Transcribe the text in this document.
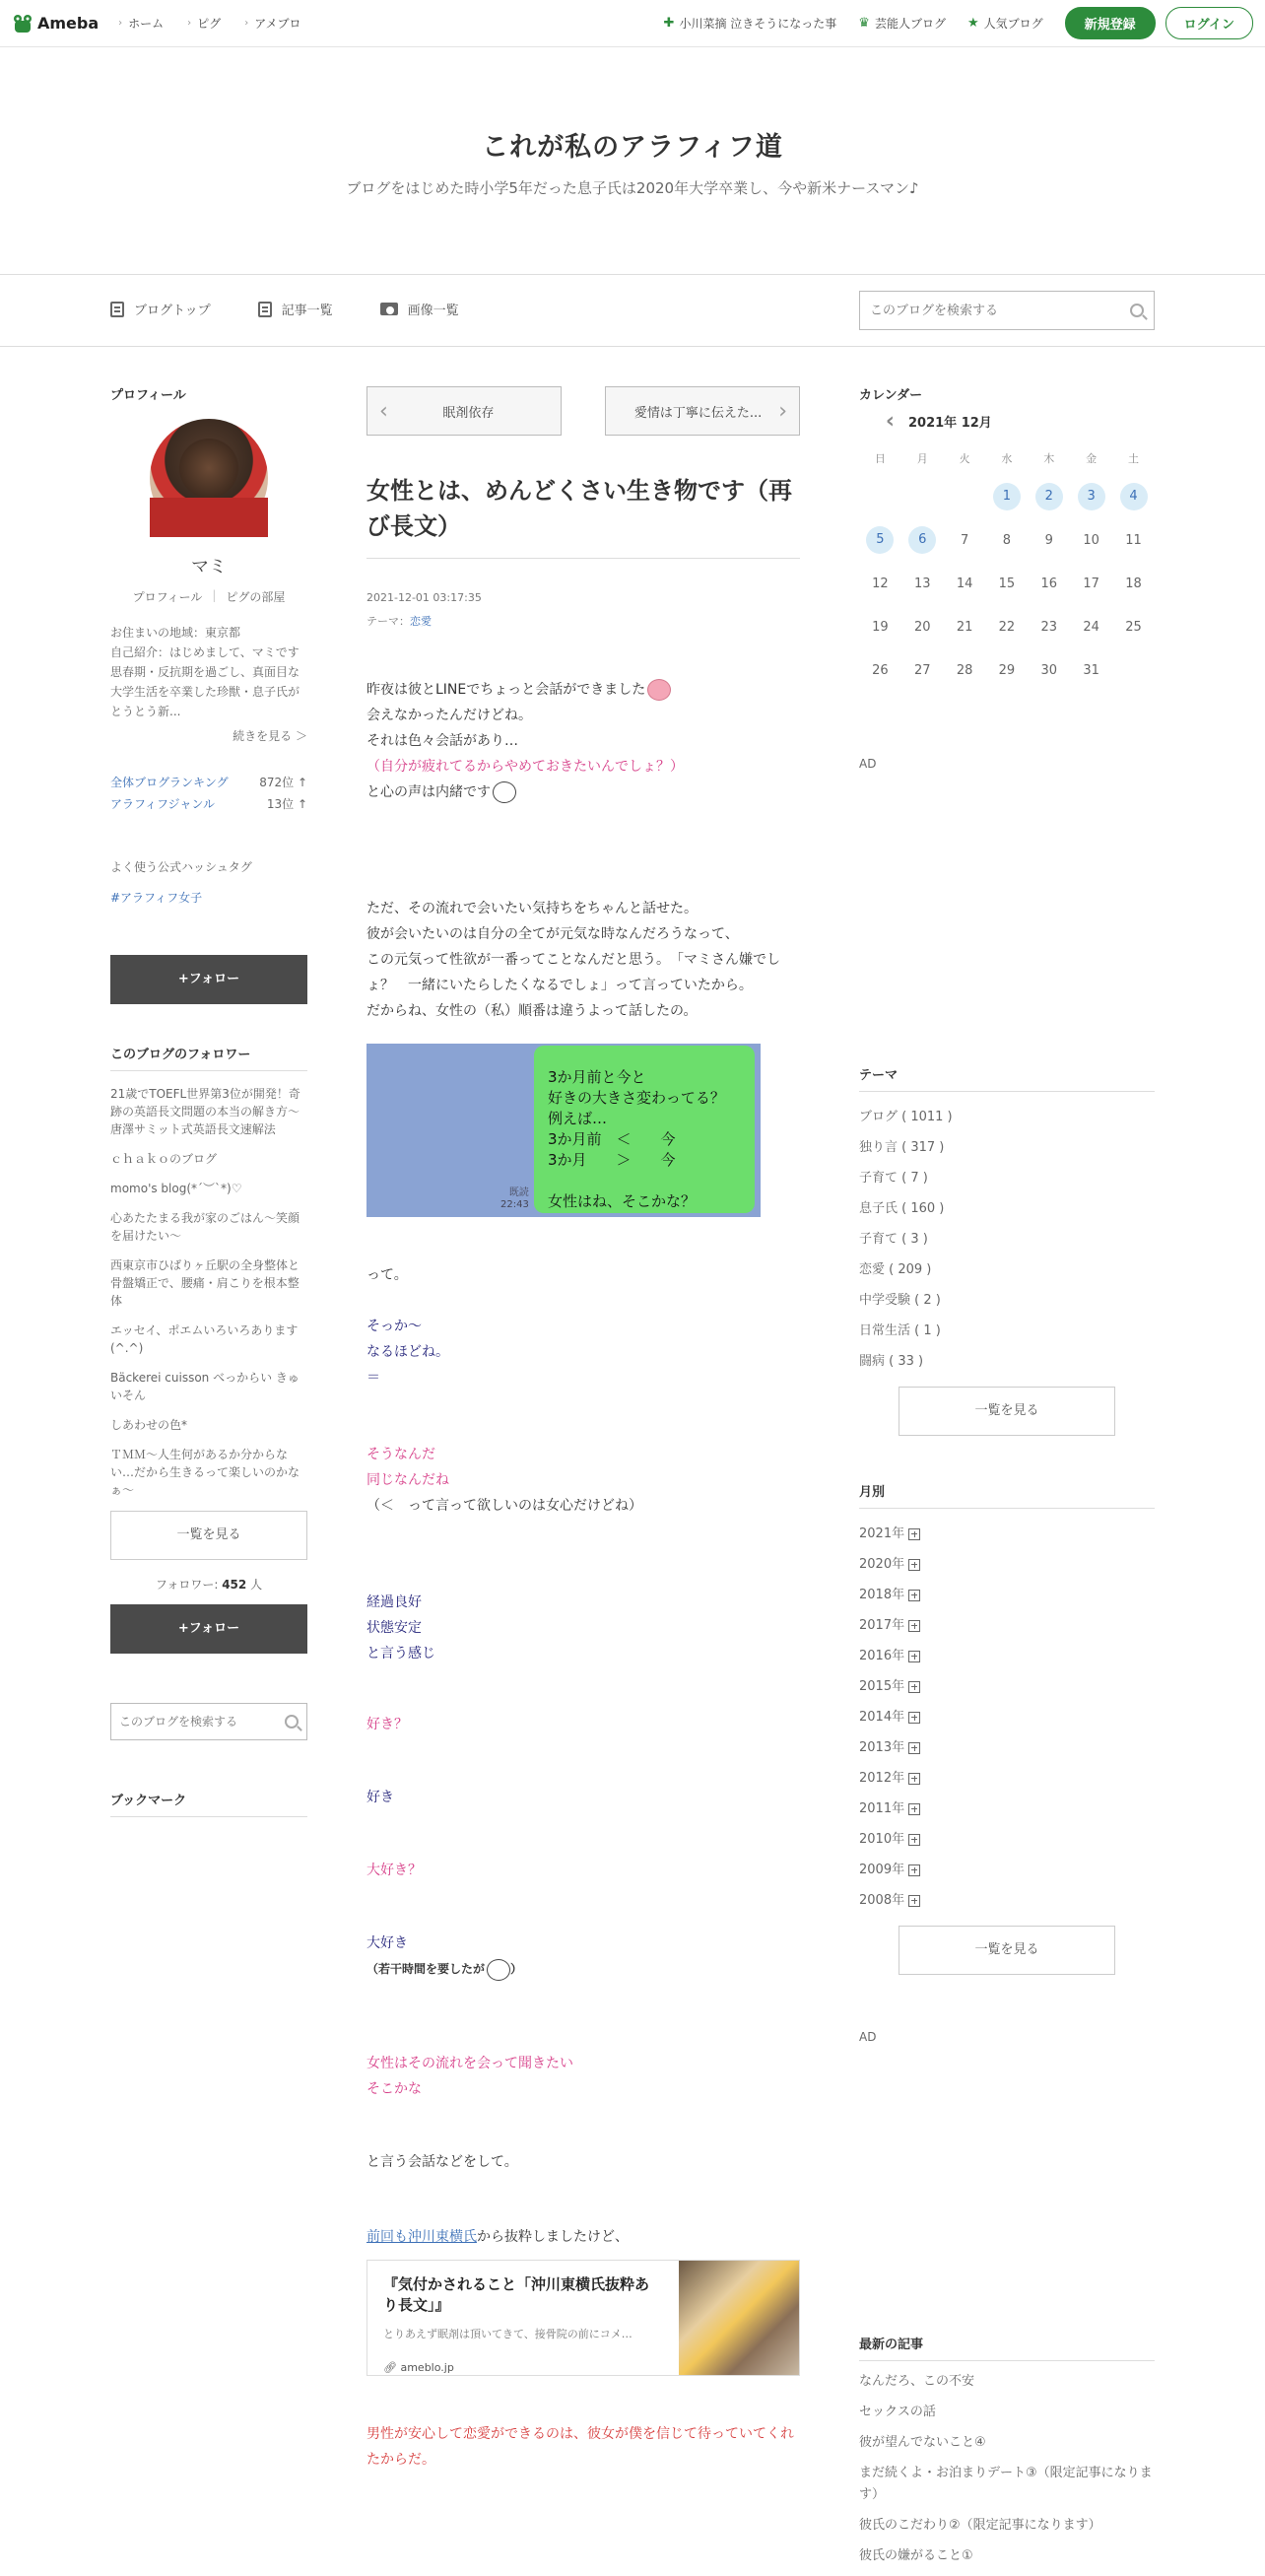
Ameba › ホーム › ピグ › アメブロ	✚ 小川菜摘 泣きそうになった事 ♛ 芸能人ブログ ★ 人気ブログ	新規登録	ログイン
これが私のアラフィフ道

ブログをはじめた時小学5年だった息子氏は2020年大学卒業し、今や新米ナースマン♪

ブログトップ	記事一覧	画像一覧
このブログを検索する
プロフィール
マミ
プロフィール | ピグの部屋
お住まいの地域：東京都
自己紹介：はじめまして、マミです 思春期・反抗期を過ごし、真面目な大学生活を卒業した珍獣・息子氏がとうとう新...
続きを見る ＞
全体ブログランキング	872位 ↑
アラフィフジャンル	13位 ↑
よく使う公式ハッシュタグ
#アラフィフ女子
+フォロー
このブログのフォロワー
21歳でTOEFL世界第3位が開発！奇跡の英語長文問題の本当の解き方〜唐澤サミット式英語長文速解法
ｃｈａｋｏのブログ
momo's blog(*´︶`*)♡
心あたたまる我が家のごはん〜笑顔を届けたい〜
西東京市ひばりヶ丘駅の全身整体と骨盤矯正で、腰痛・肩こりを根本整体
エッセイ、ポエムいろいろあります(^.^)
Bäckerei cuisson べっからい きゅいそん
しあわせの色*
ＴＭＭ～人生何があるか分からない…だから生きるって楽しいのかなぁ～
一覧を見る
フォロワー: 452 人
+フォロー
このブログを検索する
ブックマーク
‹	眠剤依存	愛情は丁寧に伝えた... ›
女性とは、めんどくさい生き物です（再び長文）
2021-12-01 03:17:35
テーマ：恋愛
昨夜は彼とLINEでちょっと会話ができました
会えなかったんだけどね。
それは色々会話があり…
（自分が疲れてるからやめておきたいんでしょ？）
と心の声は内緒です
ただ、その流れで会いたい気持ちをちゃんと話せた。
彼が会いたいのは自分の全てが元気な時なんだろうなって、
この元気って性欲が一番ってことなんだと思う。　「マミさん嫌でしょ？　一緒にいたらしたくなるでしょ」って言っていたから。
だからね、女性の（私）順番は違うよって話したの。
既読
22:43
3か月前と今と
好きの大きさ変わってる？
例えば…
3か月前　＜　　今
3か月　　＞　　今
女性はね、そこかな？
って。
そっか〜
なるほどね。
＝
そうなんだ
同じなんだね
（＜　って言って欲しいのは女心だけどね）
経過良好
状態安定
と言う感じ
好き？
好き
大好き？
大好き
（若干時間を要したが ）
女性はその流れを会って聞きたい
そこかな
と言う会話などをして。
前回も沖川東横氏から抜粋しましたけど、
『気付かされること「沖川東横氏抜粋あり長文」』
とりあえず眠剤は頂いてきて、接骨院の前にコメ…
🔗︎ ameblo.jp
男性が安心して恋愛ができるのは、彼女が僕を信じて待っていてくれたからだ。
カレンダー
‹	2021年 12月
日	月	火	水	木	金	土
			1	2	3	4
5	6	7	8	9	10	11
12	13	14	15	16	17	18
19	20	21	22	23	24	25
26	27	28	29	30	31	
AD
テーマ
ブログ ( 1011 )
独り言 ( 317 )
子育て ( 7 )
息子氏 ( 160 )
子育て ( 3 )
恋愛 ( 209 )
中学受験 ( 2 )
日常生活 ( 1 )
闘病 ( 33 )
一覧を見る
月別
2021年
2020年
2018年
2017年
2016年
2015年
2014年
2013年
2012年
2011年
2010年
2009年
2008年
一覧を見る
AD
最新の記事
なんだろ、この不安
セックスの話
彼が望んでないこと④
まだ続くよ・お泊まりデート③（限定記事になります）
彼氏のこだわり②（限定記事になります）
彼氏の嫌がること①
